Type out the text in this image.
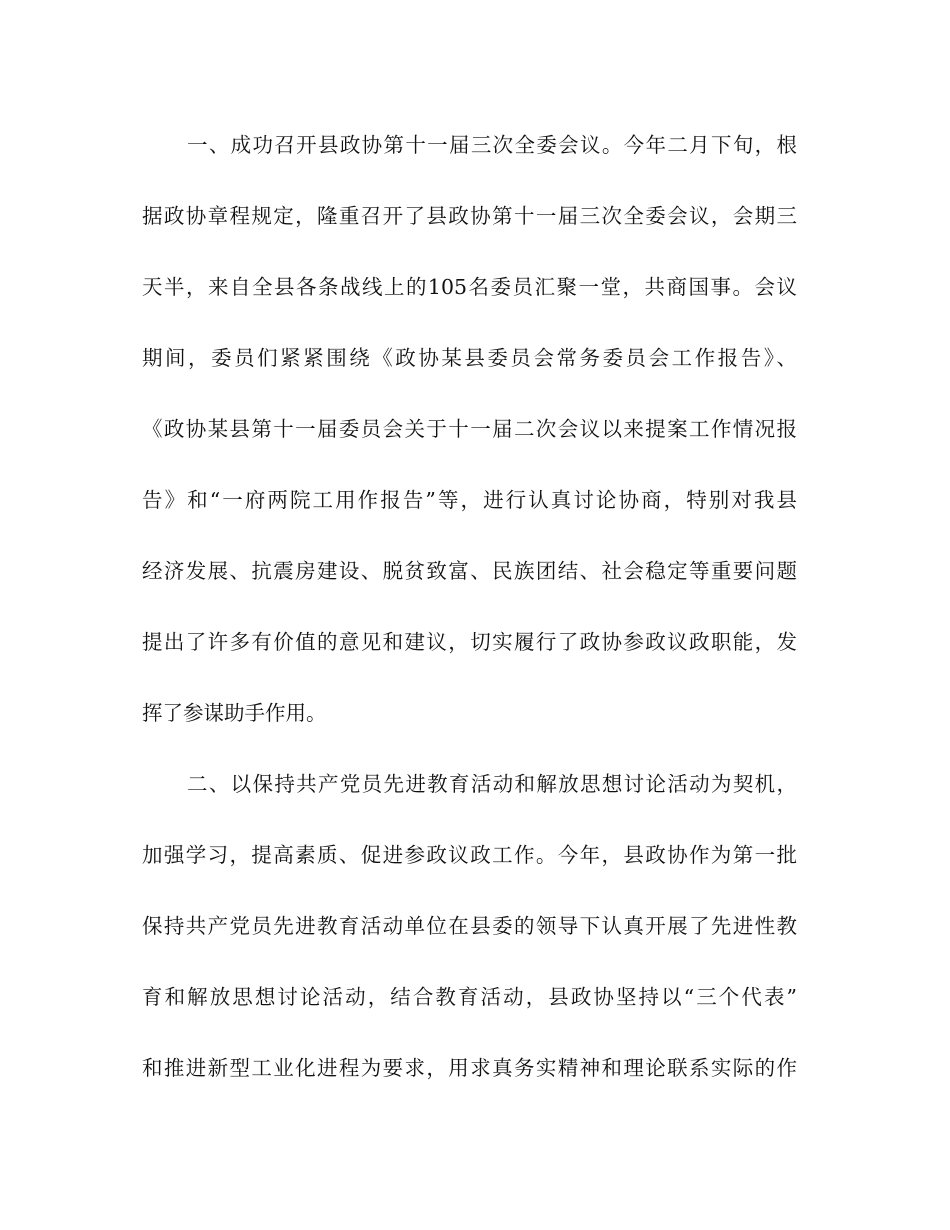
一、成功召开县政协第十一届三次全委会议。今年二月下旬，根

据政协章程规定，隆重召开了县政协第十一届三次全委会议，会期三

天半，来自全县各条战线上的105名委员汇聚一堂，共商国事。会议

期间，委员们紧紧围绕《政协某县委员会常务委员会工作报告》、

《政协某县第十一届委员会关于十一届二次会议以来提案工作情况报

告》和“一府两院工用作报告”等，进行认真讨论协商，特别对我县

经济发展、抗震房建设、脱贫致富、民族团结、社会稳定等重要问题

提出了许多有价值的意见和建议，切实履行了政协参政议政职能，发

挥了参谋助手作用。

二、以保持共产党员先进教育活动和解放思想讨论活动为契机，

加强学习，提高素质、促进参政议政工作。今年，县政协作为第一批

保持共产党员先进教育活动单位在县委的领导下认真开展了先进性教

育和解放思想讨论活动，结合教育活动，县政协坚持以“三个代表”

和推进新型工业化进程为要求，用求真务实精神和理论联系实际的作
